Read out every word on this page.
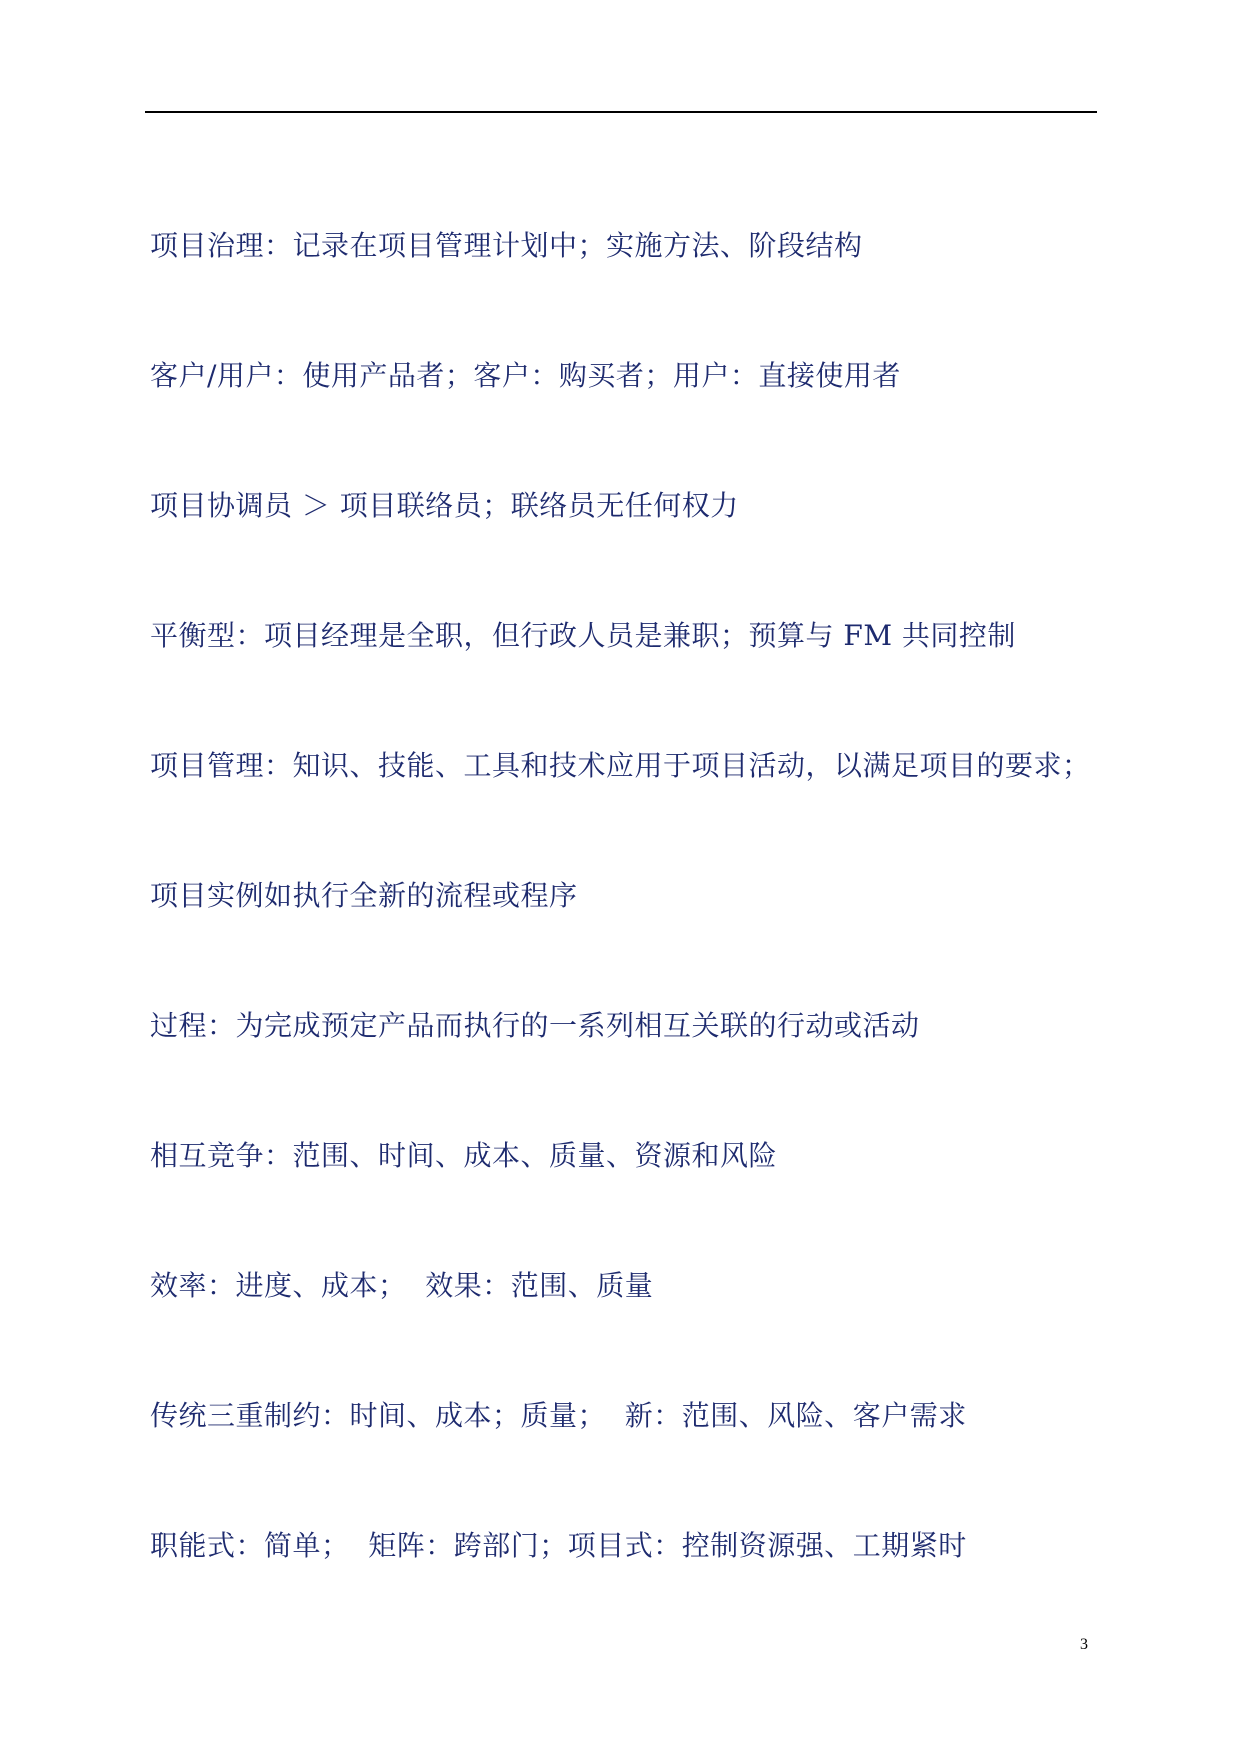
项目治理：记录在项目管理计划中；实施方法、阶段结构
客户/用户：使用产品者；客户：购买者；用户：直接使用者
项目协调员 ＞ 项目联络员；联络员无任何权力
平衡型：项目经理是全职，但行政人员是兼职；预算与 FM 共同控制
项目管理：知识、技能、工具和技术应用于项目活动，以满足项目的要求；
项目实例如执行全新的流程或程序
过程：为完成预定产品而执行的一系列相互关联的行动或活动
相互竞争：范围、时间、成本、质量、资源和风险
效率：进度、成本；  效果：范围、质量
传统三重制约：时间、成本；质量；  新：范围、风险、客户需求
职能式：简单；  矩阵：跨部门；项目式：控制资源强、工期紧时
3
